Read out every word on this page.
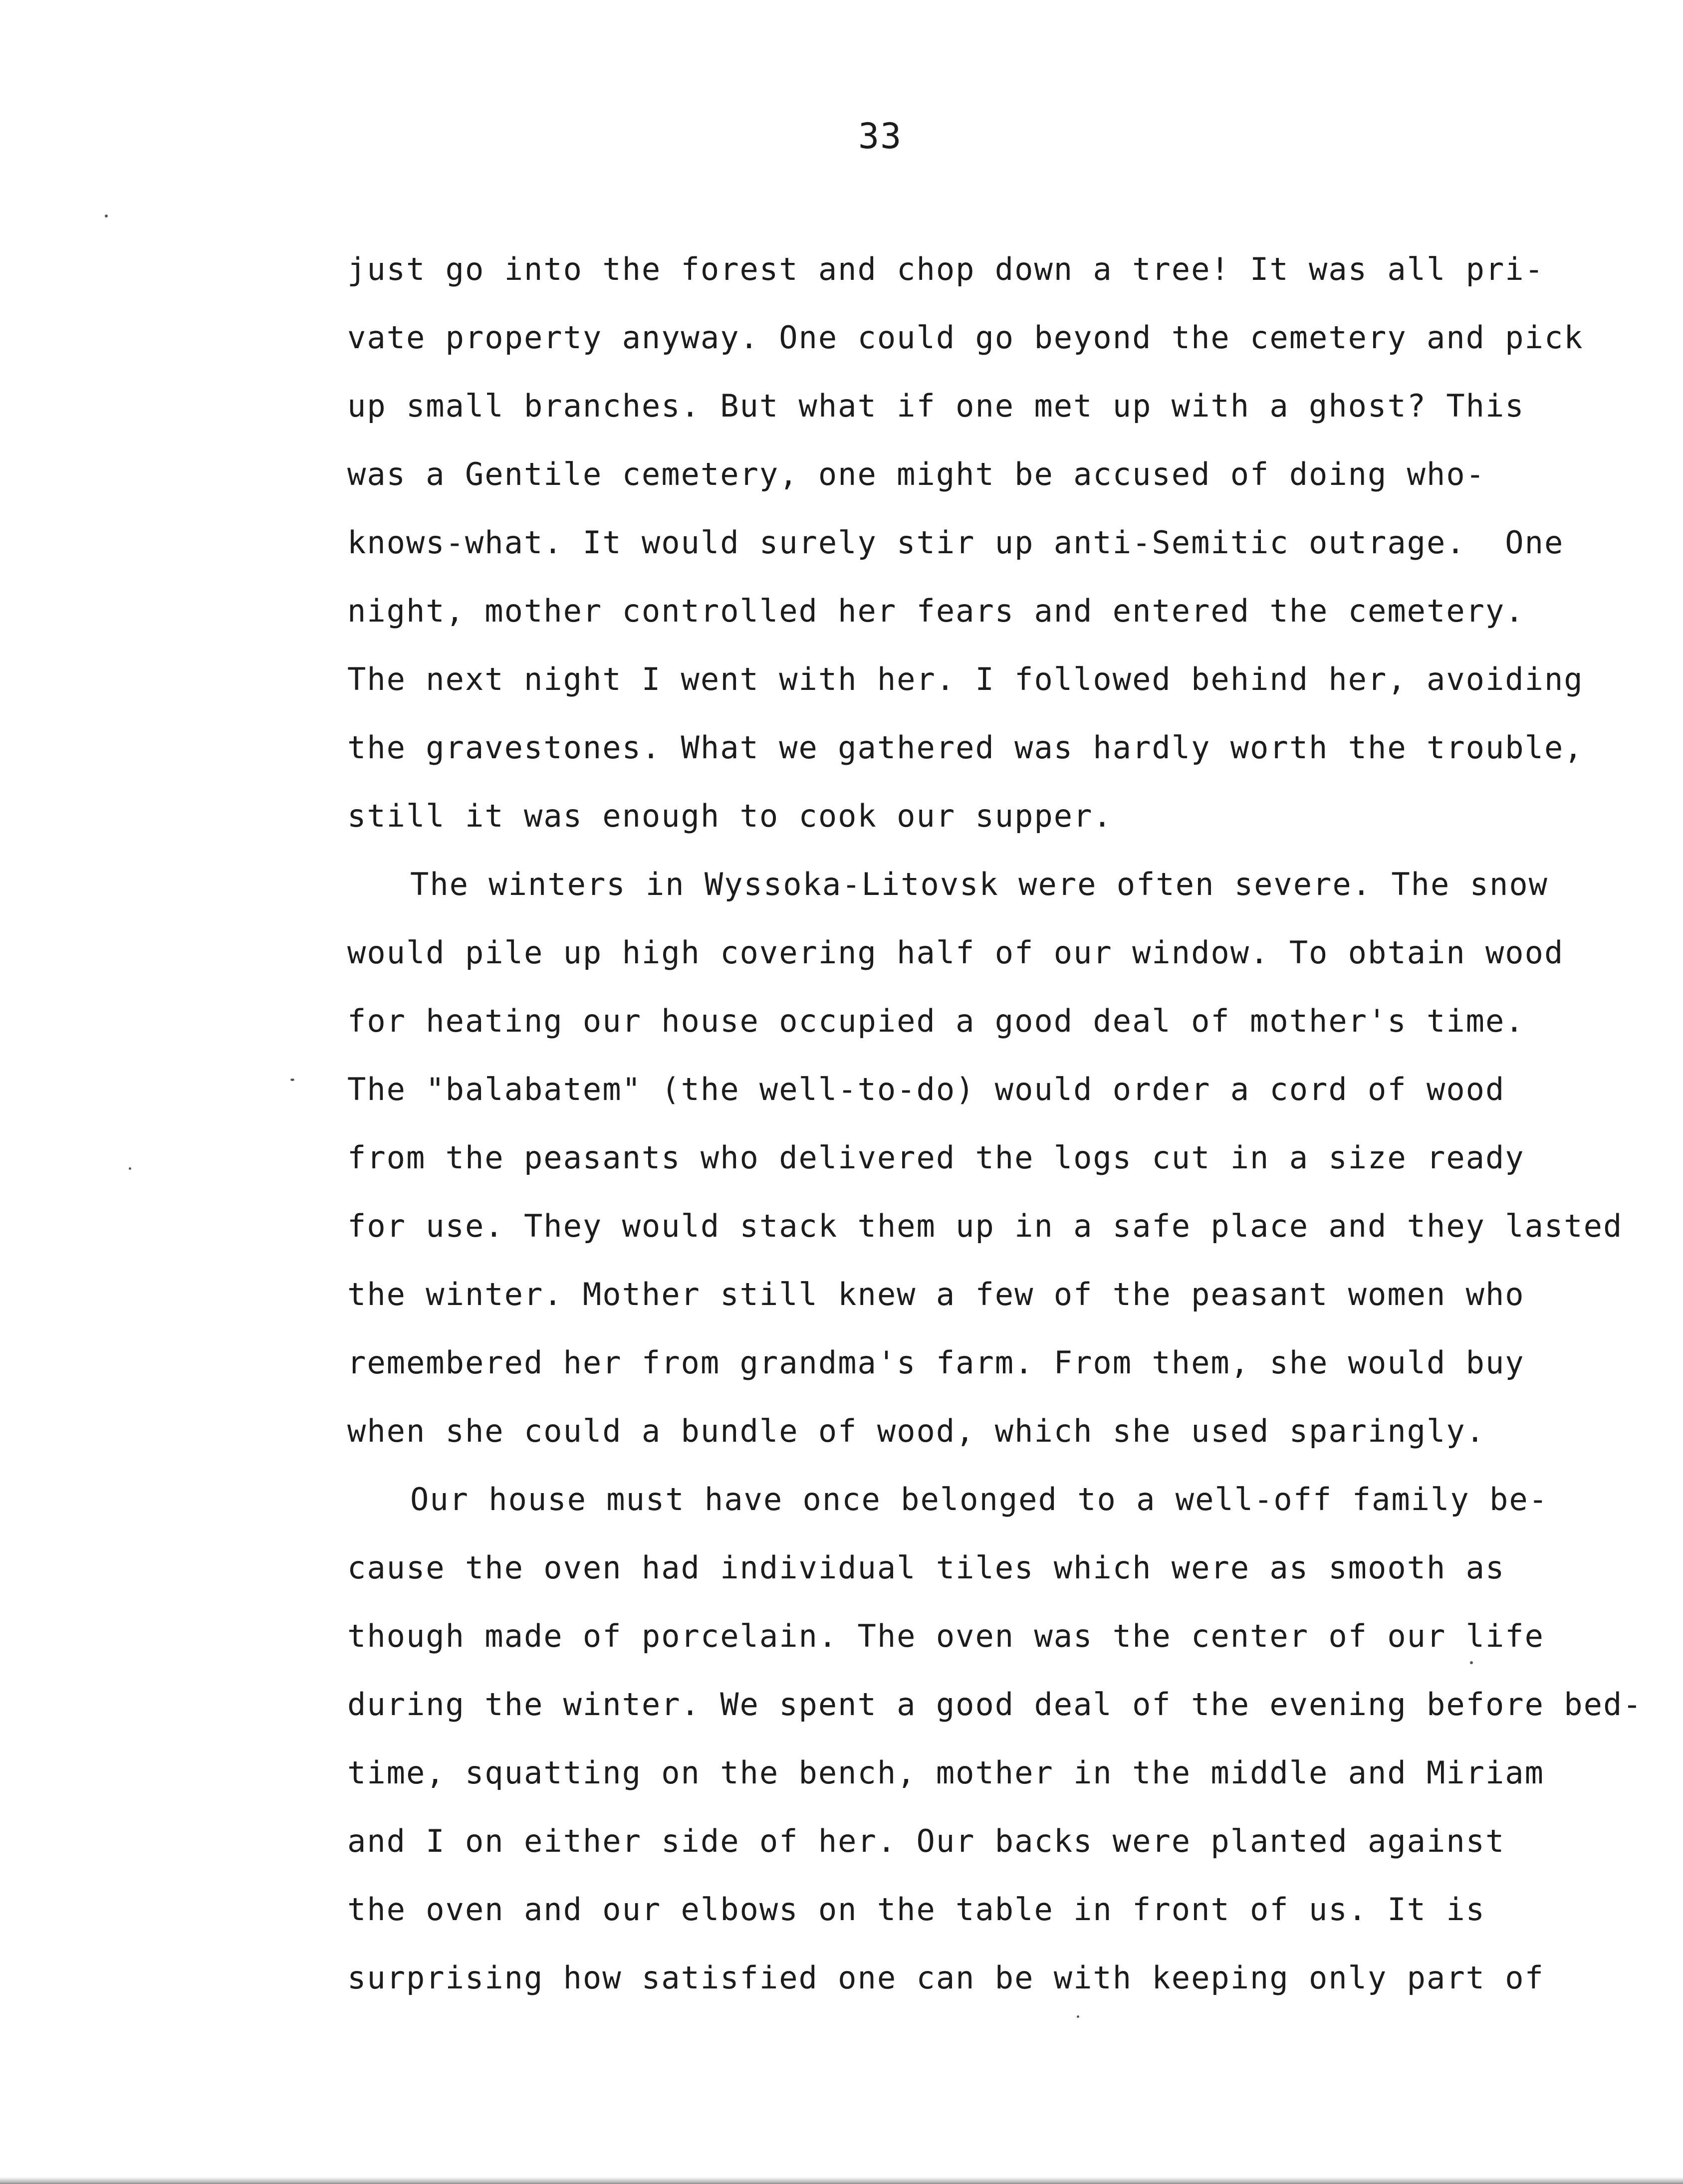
33
just go into the forest and chop down a tree! It was all pri-
vate property anyway. One could go beyond the cemetery and pick
up small branches. But what if one met up with a ghost? This
was a Gentile cemetery, one might be accused of doing who-
knows-what. It would surely stir up anti-Semitic outrage.  One
night, mother controlled her fears and entered the cemetery.
The next night I went with her. I followed behind her, avoiding
the gravestones. What we gathered was hardly worth the trouble,
still it was enough to cook our supper.
The winters in Wyssoka-Litovsk were often severe. The snow
would pile up high covering half of our window. To obtain wood
for heating our house occupied a good deal of mother's time.
The "balabatem" (the well-to-do) would order a cord of wood
from the peasants who delivered the logs cut in a size ready
for use. They would stack them up in a safe place and they lasted
the winter. Mother still knew a few of the peasant women who
remembered her from grandma's farm. From them, she would buy
when she could a bundle of wood, which she used sparingly.
Our house must have once belonged to a well-off family be-
cause the oven had individual tiles which were as smooth as
though made of porcelain. The oven was the center of our life
during the winter. We spent a good deal of the evening before bed-
time, squatting on the bench, mother in the middle and Miriam
and I on either side of her. Our backs were planted against
the oven and our elbows on the table in front of us. It is
surprising how satisfied one can be with keeping only part of
